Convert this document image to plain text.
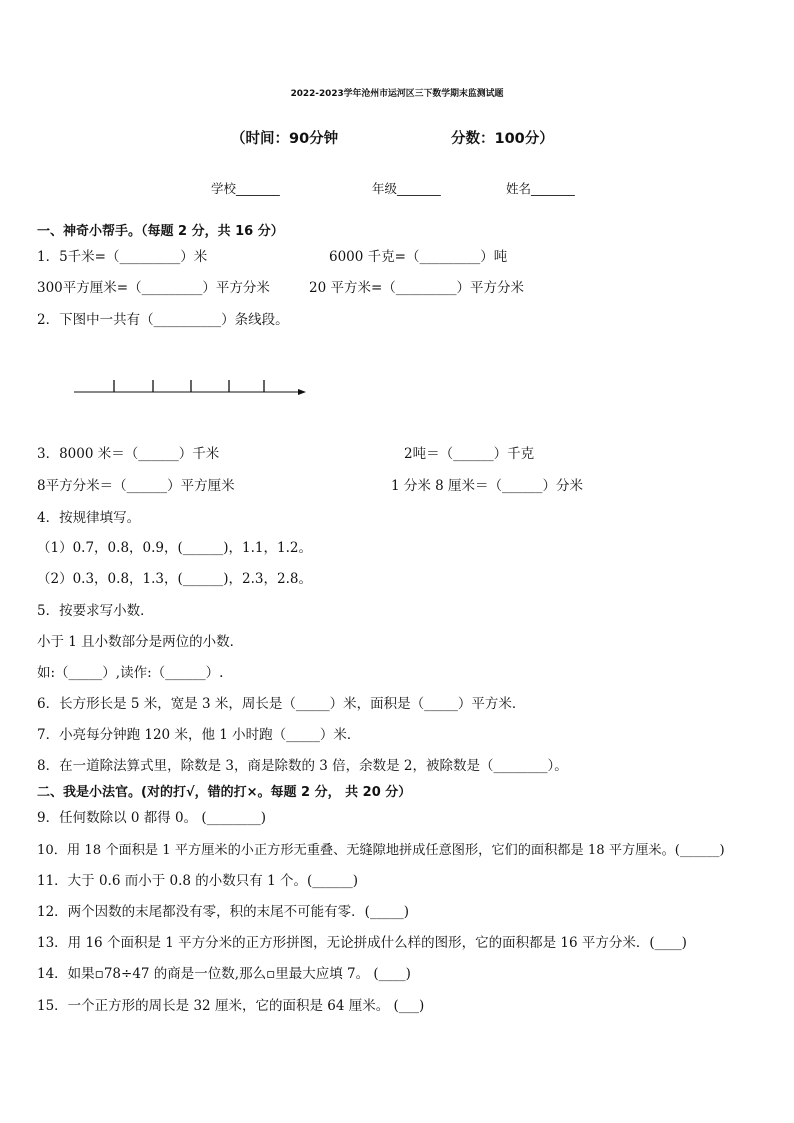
2022-2023学年沧州市运河区三下数学期末监测试题
（时间：90分钟	分数：100分）
学校_______	年级_______	姓名_______
一、神奇小帮手。（每题 2 分，共 16 分）
1．5千米=（_________）米	6000 千克=（_________）吨
300平方厘米=（_________）平方分米	20 平方米=（_________）平方分米
2．下图中一共有（__________）条线段。
3．8000 米＝（______）千米	2吨＝（______）千克
8平方分米＝（______）平方厘米	1 分米 8 厘米＝（______）分米
4．按规律填写。
（1）0.7，0.8，0.9，(______)，1.1，1.2。
（2）0.3，0.8，1.3，(______)，2.3，2.8。
5．按要求写小数．
小于 1 且小数部分是两位的小数．
如:（_____）,读作:（______）.
6．长方形长是 5 米，宽是 3 米，周长是（_____）米，面积是（_____）平方米．
7．小亮每分钟跑 120 米，他 1 小时跑（_____）米．
8．在一道除法算式里，除数是 3，商是除数的 3 倍，余数是 2，被除数是（________）。
二、我是小法官。(对的打√，错的打×。每题 2 分， 共 20 分）
9．任何数除以 0 都得 0。 (________)
10．用 18 个面积是 1 平方厘米的小正方形无重叠、无缝隙地拼成任意图形，它们的面积都是 18 平方厘米。(______)
11．大于 0.6 而小于 0.8 的小数只有 1 个。(______)
12．两个因数的末尾都没有零，积的末尾不可能有零．(_____)
13．用 16 个面积是 1 平方分米的正方形拼图，无论拼成什么样的图形，它的面积都是 16 平方分米．(____)
14．如果▫78÷47 的商是一位数,那么▫里最大应填 7。 (____)
15．一个正方形的周长是 32 厘米，它的面积是 64 厘米。 (___)
